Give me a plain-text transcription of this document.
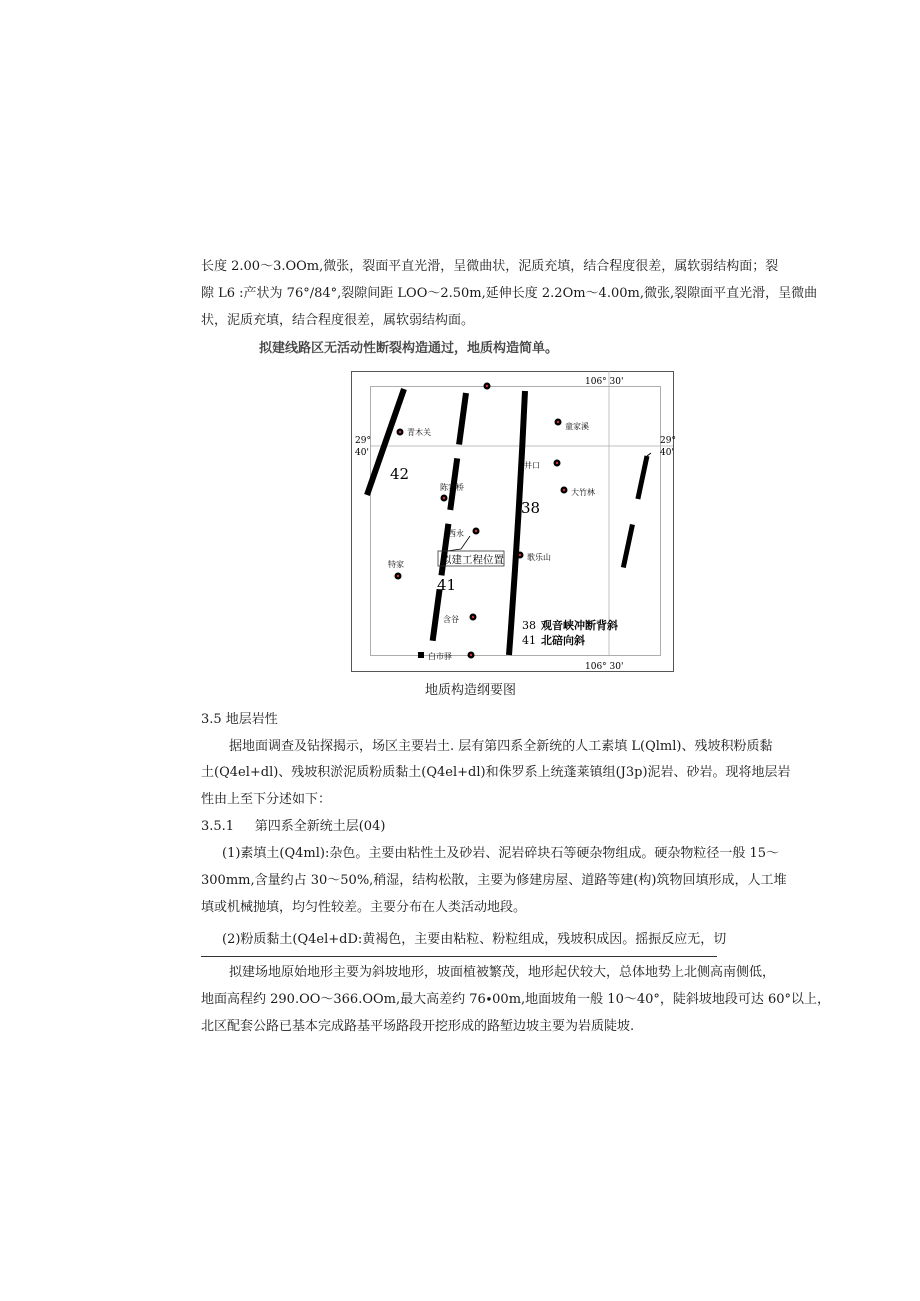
长度 2.00～3.OOm,微张，裂面平直光滑，呈微曲状，泥质充填，结合程度很差，属软弱结构面；裂
隙 L6 :产状为 76°/84°,裂隙间距 LOO～2.50m,延伸长度 2.2Om～4.00m,微张,裂隙面平直光滑，呈微曲
状，泥质充填，结合程度很差，属软弱结构面。
拟建线路区无活动性断裂构造通过，地质构造简单。
106° 30'
106° 30'
29°
40'
29°
40'
青木关
童家溪
井口
大竹林
陈家桥
西永
歌乐山
特家
含谷
白市驿
拟建工程位置
42
41
38
38 观音峡冲断背斜
41 北碚向斜
地质构造纲要图
3.5 地层岩性
据地面调查及钻探揭示，场区主要岩土. 层有第四系全新统的人工素填 L(Qlml)、残坡积粉质黏
土(Q4el+dl)、残坡积淤泥质粉质黏土(Q4el+dl)和侏罗系上统蓬莱镇组(J3p)泥岩、砂岩。现将地层岩
性由上至下分述如下：
3.5.1     第四系全新统土层(04)
(1)素填土(Q4ml):杂色。主要由粘性土及砂岩、泥岩碎块石等硬杂物组成。硬杂物粒径一般 15～
300mm,含量约占 30～50%,稍湿，结构松散，主要为修建房屋、道路等建(构)筑物回填形成，人工堆
填或机械抛填，均匀性较差。主要分布在人类活动地段。
(2)粉质黏土(Q4el+dD:黄褐色，主要由粘粒、粉粒组成，残坡积成因。摇振反应无，切
拟建场地原始地形主要为斜坡地形，坡面植被繁茂，地形起伏较大，总体地势上北侧高南侧低，
地面高程约 290.OO～366.OOm,最大高差约 76∙00m,地面坡角一般 10～40°，陡斜坡地段可达 60°以上，
北区配套公路已基本完成路基平场路段开挖形成的路堑边坡主要为岩质陡坡.
